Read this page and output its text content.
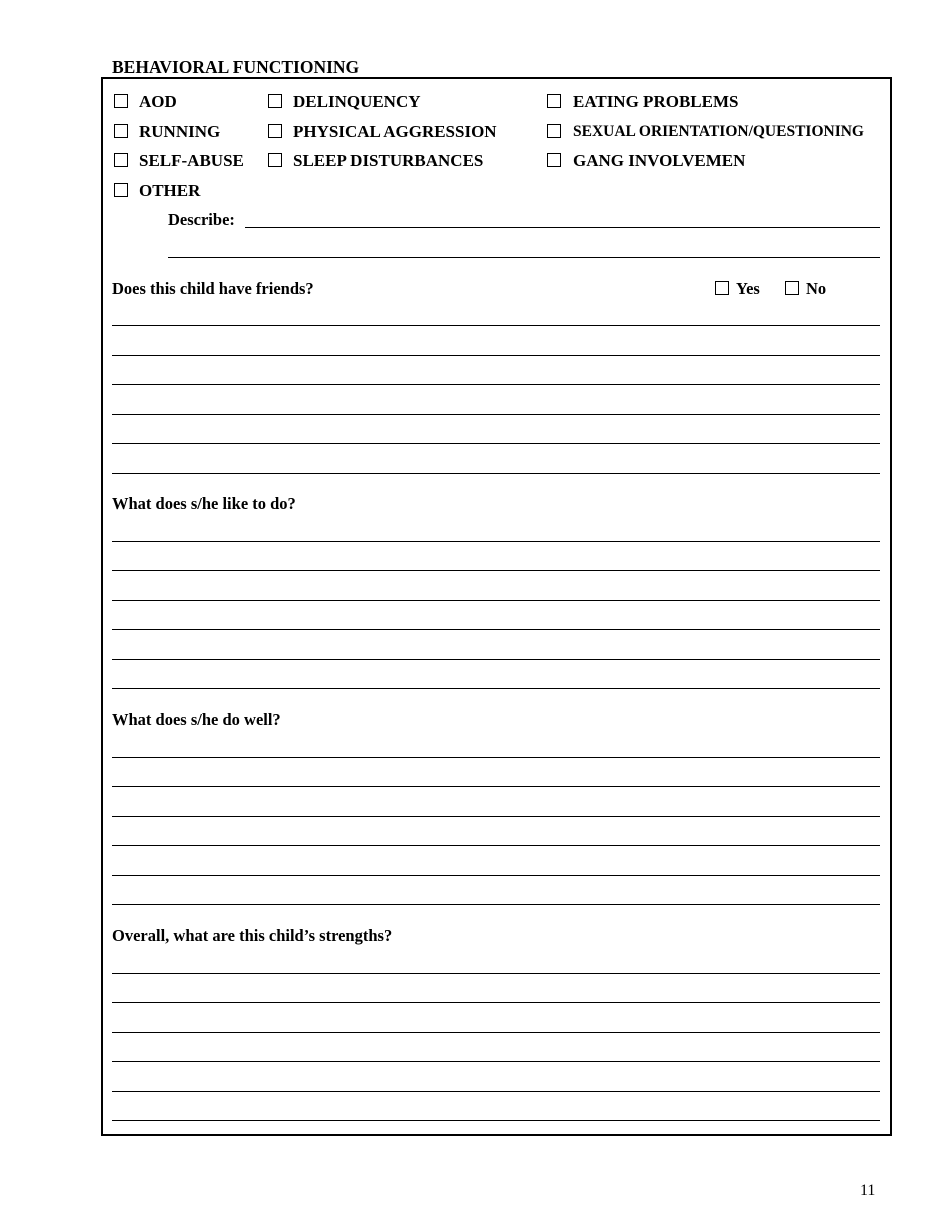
BEHAVIORAL FUNCTIONING
AOD
RUNNING
SELF-ABUSE
OTHER
DELINQUENCY
PHYSICAL AGGRESSION
SLEEP DISTURBANCES
EATING PROBLEMS
SEXUAL ORIENTATION/QUESTIONING
GANG INVOLVEMEN
Describe:
Does this child have friends?	Yes	No
What does s/he like to do?
What does s/he do well?
Overall, what are this child’s strengths?
11
